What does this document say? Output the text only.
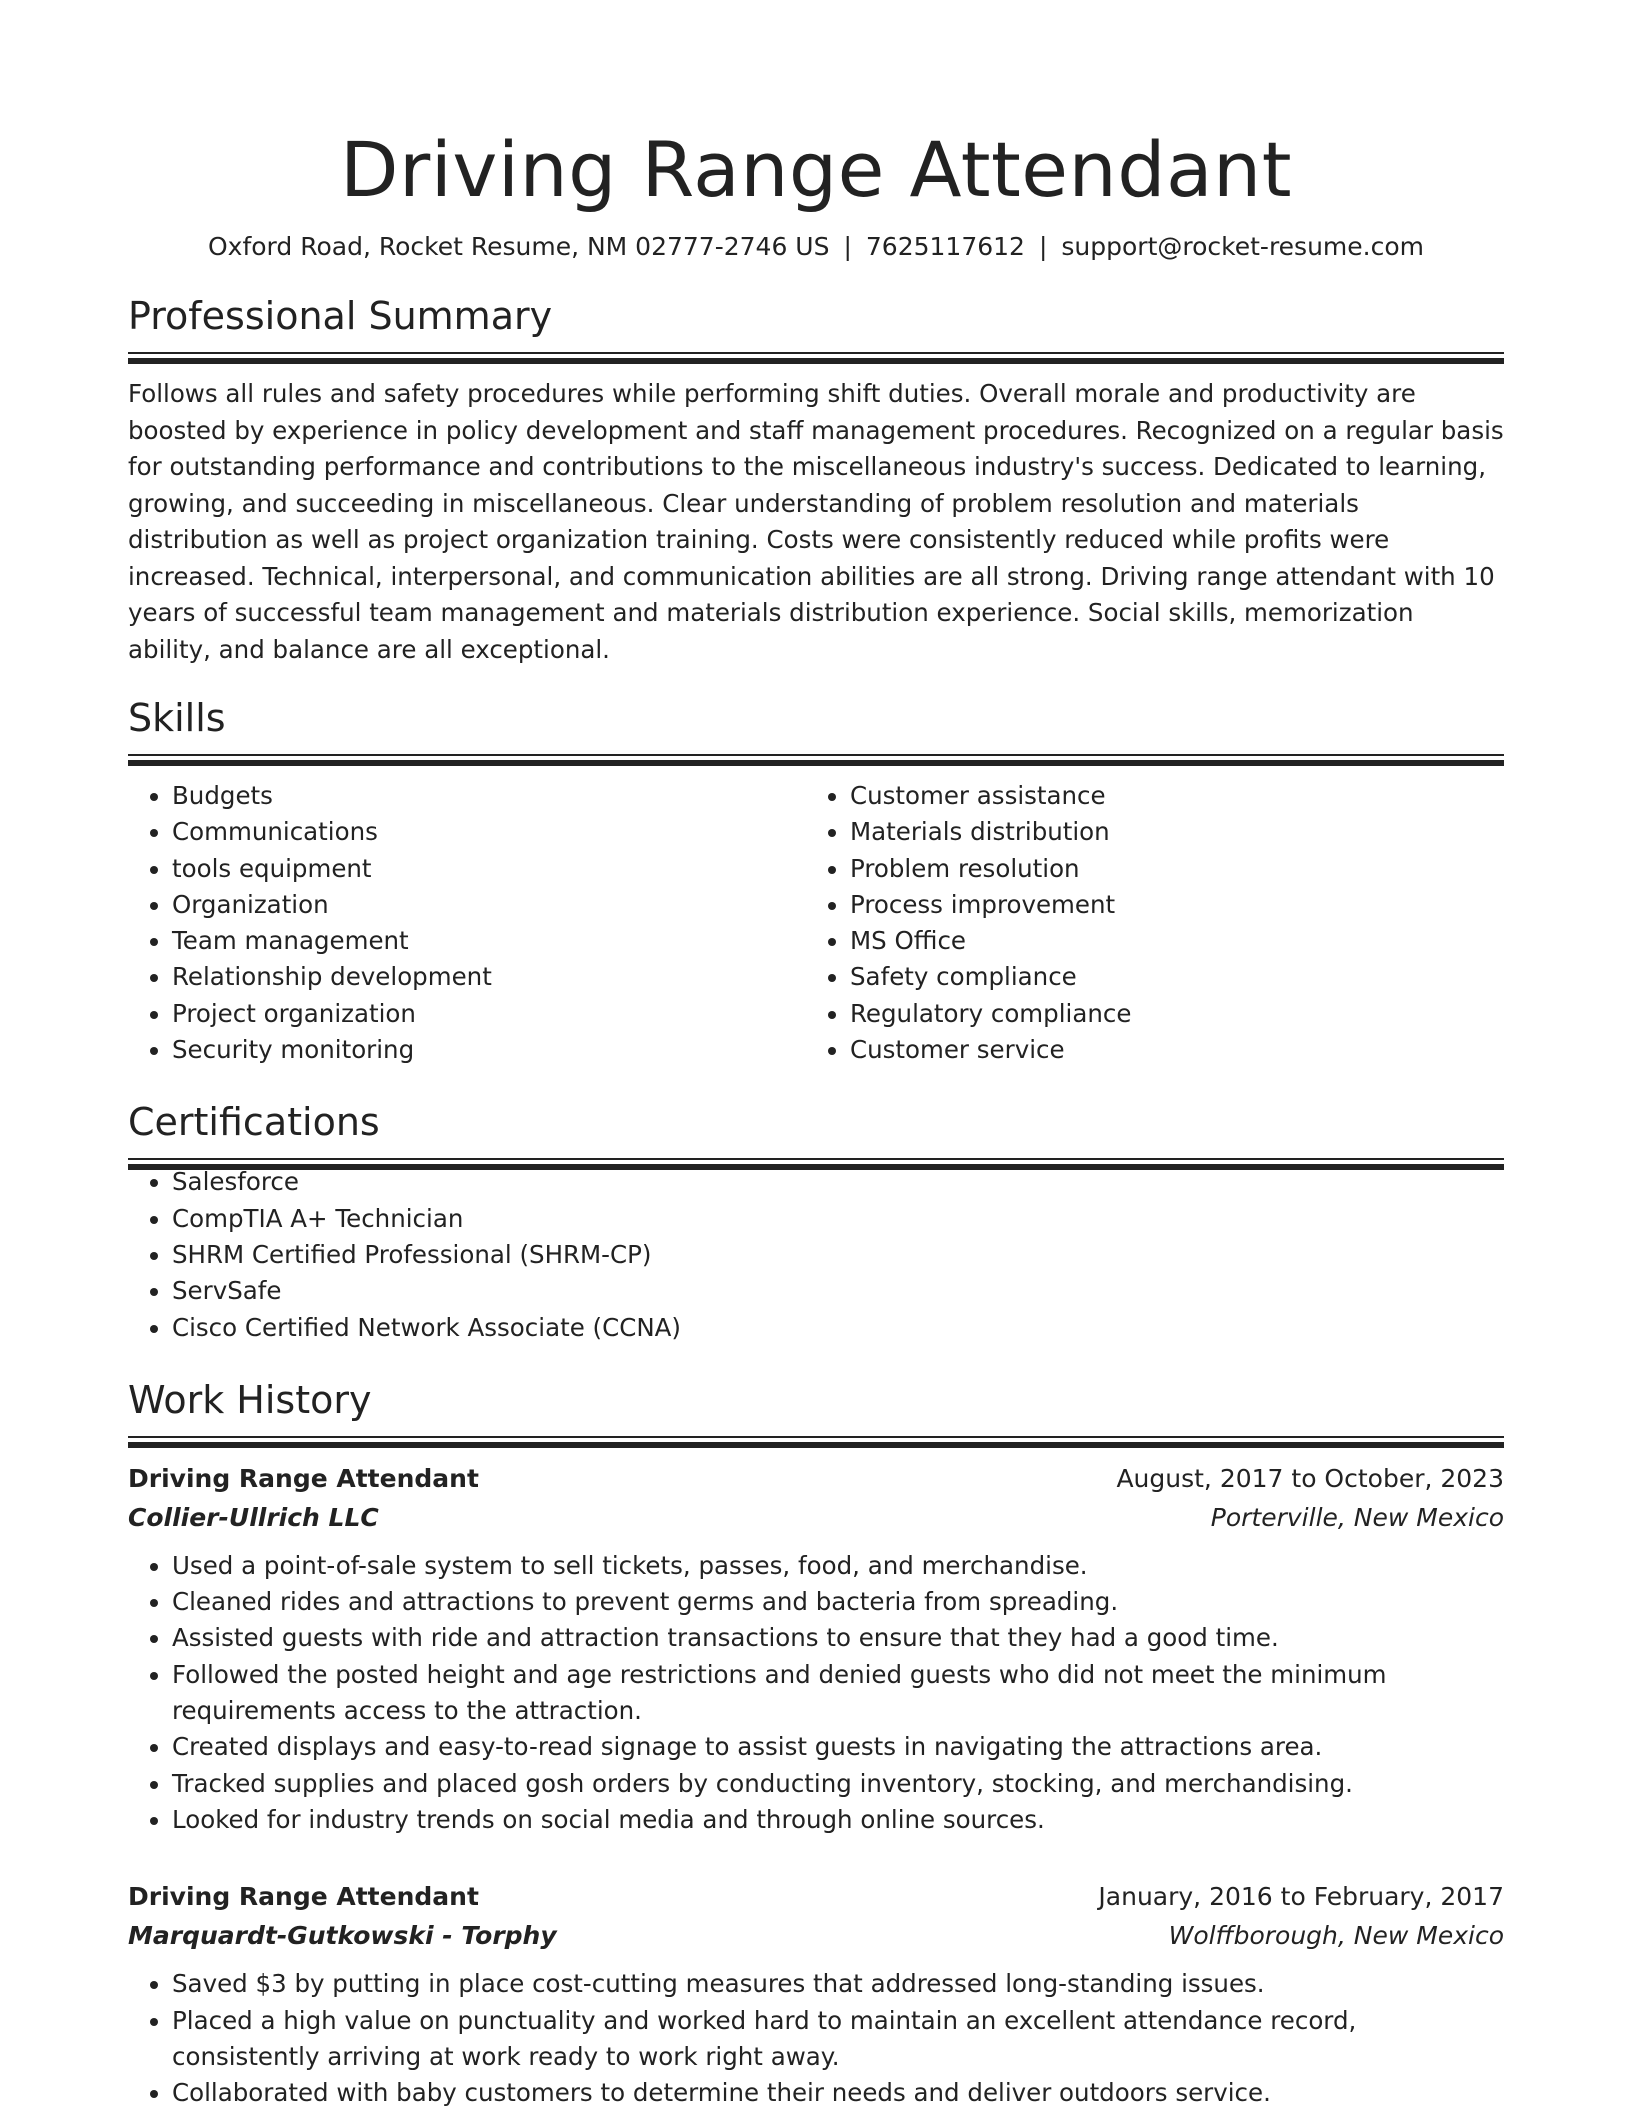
Driving Range Attendant
Oxford Road, Rocket Resume, NM 02777-2746 US | 7625117612 | support@rocket-resume.com
Professional Summary

Follows all rules and safety procedures while performing shift duties. Overall morale and productivity are boosted by experience in policy development and staff management procedures. Recognized on a regular basis for outstanding performance and contributions to the miscellaneous industry's success. Dedicated to learning, growing, and succeeding in miscellaneous. Clear understanding of problem resolution and materials distribution as well as project organization training. Costs were consistently reduced while profits were increased. Technical, interpersonal, and communication abilities are all strong. Driving range attendant with 10 years of successful team management and materials distribution experience. Social skills, memorization ability, and balance are all exceptional.

Skills
• Budgets
• Communications
• tools equipment
• Organization
• Team management
• Relationship development
• Project organization
• Security monitoring
• Customer assistance
• Materials distribution
• Problem resolution
• Process improvement
• MS Office
• Safety compliance
• Regulatory compliance
• Customer service
Certifications
• Salesforce
• CompTIA A+ Technician
• SHRM Certified Professional (SHRM-CP)
• ServSafe
• Cisco Certified Network Associate (CCNA)
Work History
Driving Range Attendant	August, 2017 to October, 2023
Collier-Ullrich LLC	Porterville, New Mexico
• Used a point-of-sale system to sell tickets, passes, food, and merchandise.
• Cleaned rides and attractions to prevent germs and bacteria from spreading.
• Assisted guests with ride and attraction transactions to ensure that they had a good time.
• Followed the posted height and age restrictions and denied guests who did not meet the minimum requirements access to the attraction.
• Created displays and easy-to-read signage to assist guests in navigating the attractions area.
• Tracked supplies and placed gosh orders by conducting inventory, stocking, and merchandising.
• Looked for industry trends on social media and through online sources.
Driving Range Attendant	January, 2016 to February, 2017
Marquardt-Gutkowski - Torphy	Wolffborough, New Mexico
• Saved $3 by putting in place cost-cutting measures that addressed long-standing issues.
• Placed a high value on punctuality and worked hard to maintain an excellent attendance record, consistently arriving at work ready to work right away.
• Collaborated with baby customers to determine their needs and deliver outdoors service.
